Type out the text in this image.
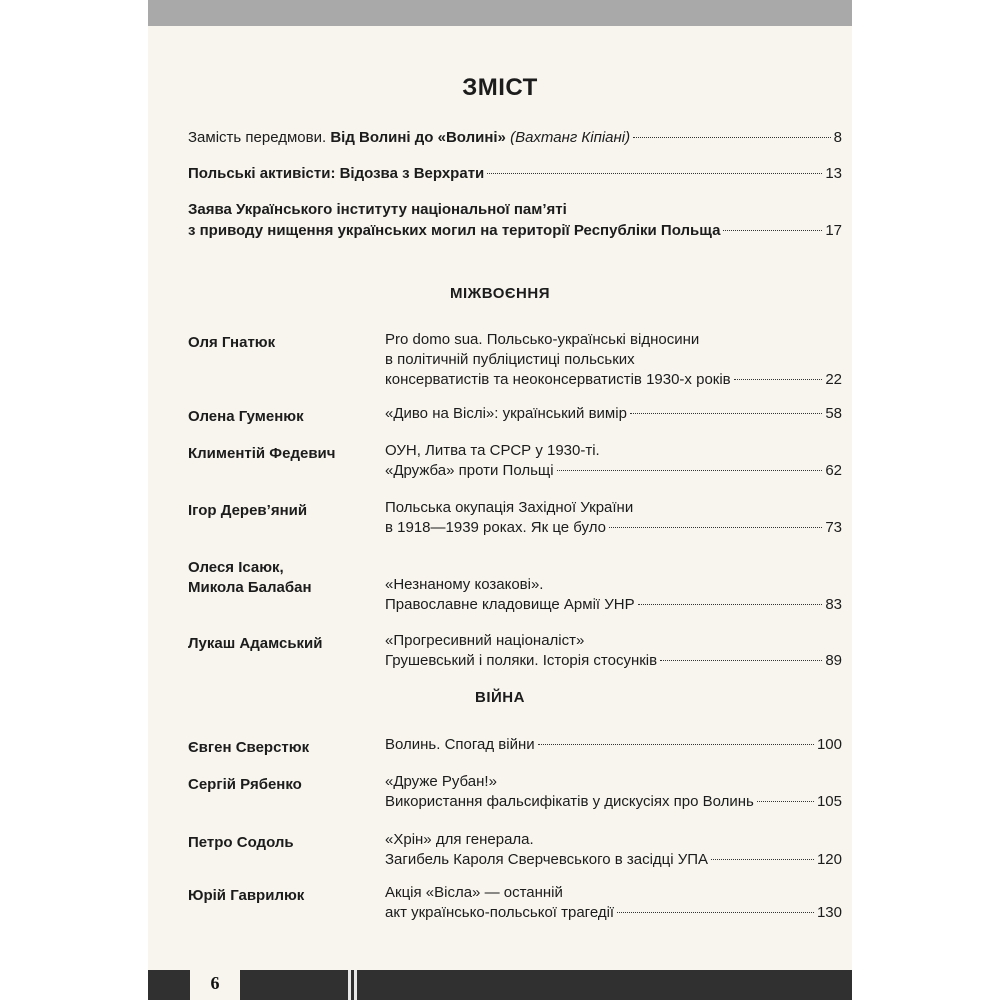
ЗМІСТ
Замість передмови. Від Волині до «Волині» (Вахтанг Кіпіані)	8
Польські активісти: Відозва з Верхрати	13
Заява Українського інституту національної пам’яті
з приводу нищення українських могил на території Республіки Польща	17
МІЖВОЄННЯ
Оля Гнатюк	Pro domo sua. Польсько-українські відносини
в політичній публіцистиці польських
консерватистів та неоконсерватистів 1930-х років	22
Олена Гуменюк	«Диво на Віслі»: український вимір	58
Климентій Федевич	ОУН, Литва та СРСР у 1930-ті.
«Дружба» проти Польщі	62
Ігор Дерев’яний	Польська окупація Західної України
в 1918—1939 роках. Як це було	73
Олеся Ісаюк,
Микола Балабан	«Незнаному козакові».
Православне кладовище Армії УНР	83
Лукаш Адамський	«Прогресивний націоналіст»
Грушевський і поляки. Історія стосунків	89
ВІЙНА
Євген Сверстюк	Волинь. Спогад війни	100
Сергій Рябенко	«Друже Рубан!»
Використання фальсифікатів у дискусіях про Волинь	105
Петро Содоль	«Хрін» для генерала.
Загибель Кароля Сверчевського в засідці УПА	120
Юрій Гаврилюк	Акція «Вісла» — останній
акт українсько-польської трагедії	130
6
